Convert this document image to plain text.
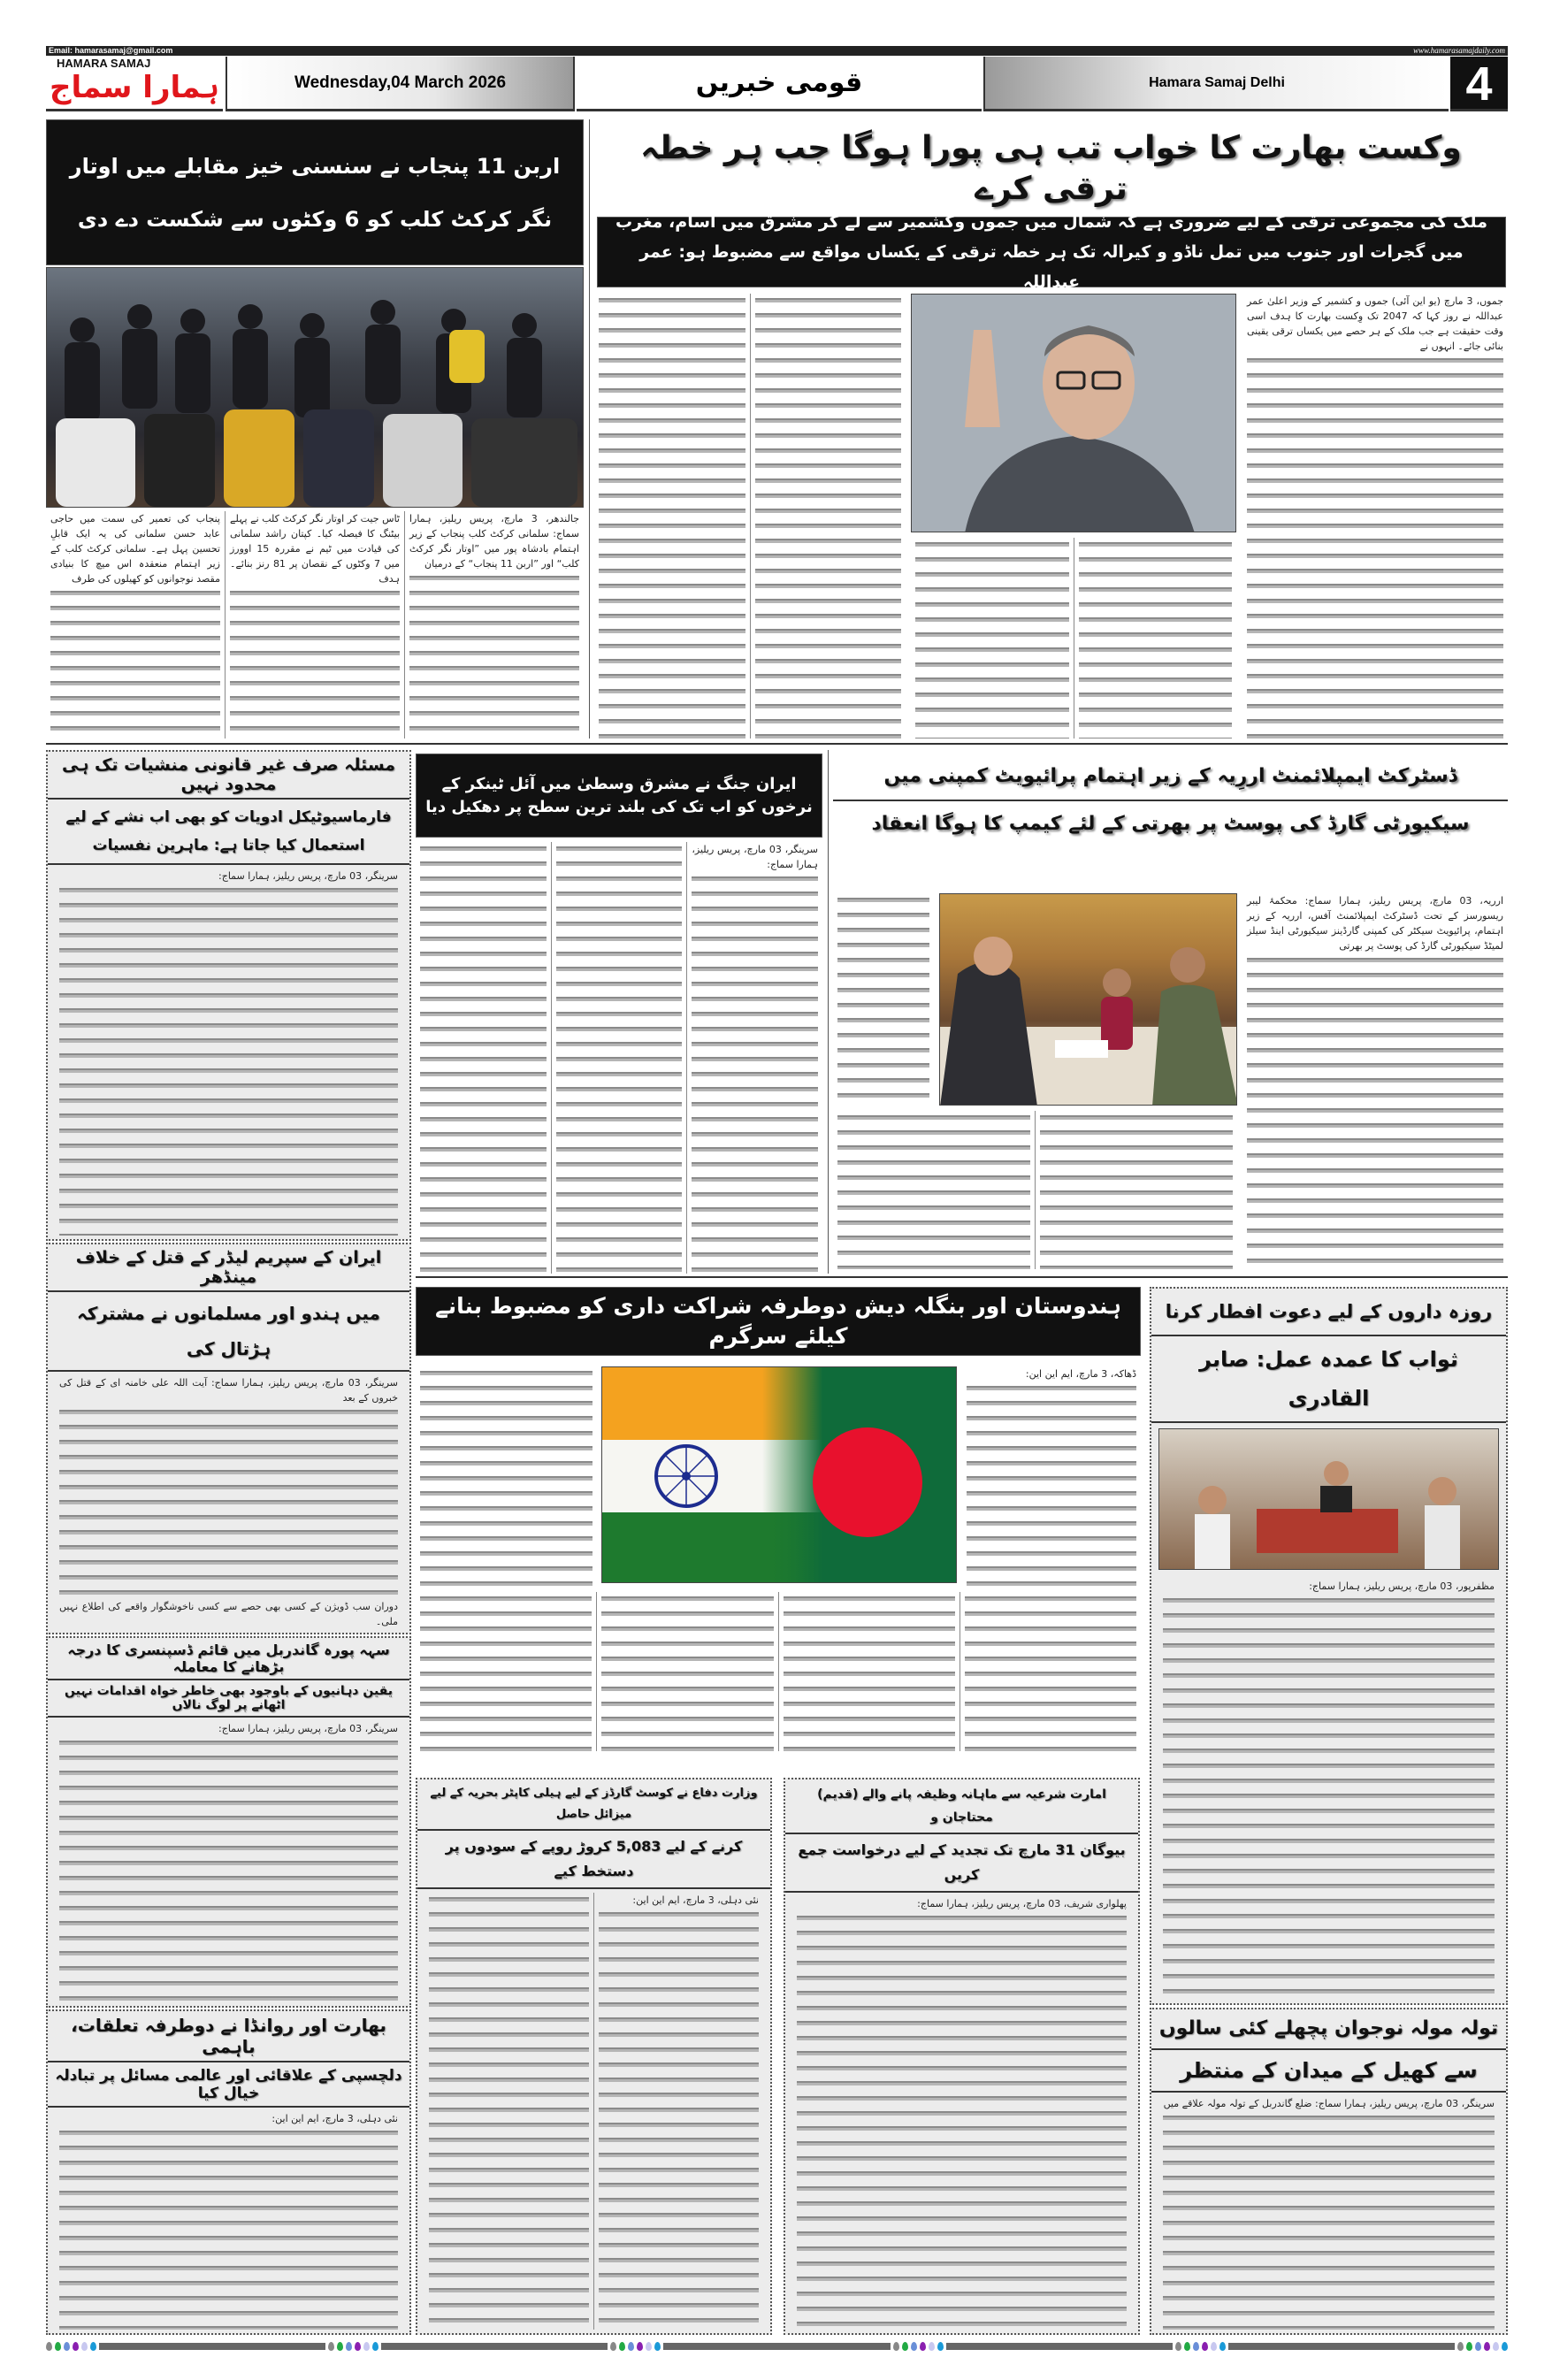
Email: hamarasamaj@gmail.com	www.hamarasamajdaily.com
HAMARA SAMAJ
ہمارا سماج	Wednesday,04 March 2026	قومی خبریں	Hamara Samaj Delhi	4
اربن 11 پنجاب نے سنسنی خیز مقابلے میں اوتار
نگر کرکٹ کلب کو 6 وکٹوں سے شکست دے دی

جالندھر، 3 مارچ، پریس ریلیز، ہمارا سماج: سلمانی کرکٹ کلب پنجاب کے زیر اہتمام بادشاہ پور میں ”اوتار نگر کرکٹ کلب“ اور ”اربن 11 پنجاب“ کے درمیان

ٹاس جیت کر اوتار نگر کرکٹ کلب نے پہلے بیٹنگ کا فیصلہ کیا۔ کپتان راشد سلمانی کی قیادت میں ٹیم نے مقررہ 15 اوورز میں 7 وکٹوں کے نقصان پر 81 رنز بنائے۔ ہدف

پنجاب کی تعمیر کی سمت میں حاجی عابد حسن سلمانی کی یہ ایک قابلِ تحسین پہل ہے۔ سلمانی کرکٹ کلب کے زیر اہتمام منعقدہ اس میچ کا بنیادی مقصد نوجوانوں کو کھیلوں کی طرف

وکست بھارت کا خواب تب ہی پورا ہوگا جب ہر خطہ ترقی کرے
ملک کی مجموعی ترقی کے لیے ضروری ہے کہ شمال میں جموں وکشمیر سے لے کر مشرق میں آسام، مغرب میں گجرات اور جنوب میں تمل ناڈو و کیرالہ تک ہر خطہ ترقی کے یکساں مواقع سے مضبوط ہو: عمر عبداللہ

جموں، 3 مارچ (یو این آئی) جموں و کشمیر کے وزیر اعلیٰ عمر عبداللہ نے روز کہا کہ 2047 تک وِکست بھارت کا ہدف اسی وقت حقیقت ہے جب ملک کے ہر حصے میں یکساں ترقی یقینی بنائی جائے۔ انہوں نے

مسئلہ صرف غیر قانونی منشیات تک ہی محدود نہیں
فارماسیوٹیکل ادویات کو بھی اب نشے کے لیے استعمال کیا جاتا ہے: ماہرین نفسیات

سرینگر، 03 مارچ، پریس ریلیز، ہمارا سماج:

ایران کے سپریم لیڈر کے قتل کے خلاف مینڈھر
میں ہندو اور مسلمانوں نے مشترکہ ہڑتال کی

سرینگر، 03 مارچ، پریس ریلیز، ہمارا سماج: آیت اللہ علی خامنہ ای کے قتل کی خبروں کے بعد

دوران سب ڈویژن کے کسی بھی حصے سے کسی ناخوشگوار واقعے کی اطلاع نہیں ملی۔

سہہ پورہ گاندربل میں قائم ڈسپنسری کا درجہ بڑھانے کا معاملہ
یقین دہانیوں کے باوجود بھی خاطر خواہ اقدامات نہیں اٹھانے پر لوگ نالاں

سرینگر، 03 مارچ، پریس ریلیز، ہمارا سماج:

بھارت اور روانڈا نے دوطرفہ تعلقات، باہمی
دلچسپی کے علاقائی اور عالمی مسائل پر تبادلہ خیال کیا

نئی دہلی، 3 مارچ، ایم این این:

ایران جنگ نے مشرق وسطیٰ میں آئل ٹینکر کے
نرخوں کو اب تک کی بلند ترین سطح پر دھکیل دیا

سرینگر، 03 مارچ، پریس ریلیز، ہمارا سماج:

ڈسٹرکٹ ایمپلائمنٹ اررِیہ کے زیر اہتمام پرائیویٹ کمپنی میں
سیکیورٹی گارڈ کی پوسٹ پر بھرتی کے لئے کیمپ کا ہوگا انعقاد

ارریہ، 03 مارچ، پریس ریلیز، ہمارا سماج: محکمۂ لیبر ریسورسز کے تحت ڈسٹرکٹ ایمپلائمنٹ آفس، ارریہ کے زیر اہتمام، پرائیویٹ سیکٹر کی کمپنی گارڈینز سیکیورٹی اینڈ سیلز لمیٹڈ سیکیورٹی گارڈ کی پوسٹ پر بھرتی

ہندوستان اور بنگلہ دیش دوطرفہ شراکت داری کو مضبوط بنانے کیلئے سرگرم

ڈھاکہ، 3 مارچ، ایم این این:

وزارت دفاع نے کوسٹ گارڈز کے لیے ہیلی کاپٹر بحریہ کے لیے میزائل حاصل
کرنے کے لیے 5,083 کروڑ روپے کے سودوں پر دستخط کیے

نئی دہلی، 3 مارچ، ایم این این:

امارت شرعیہ سے ماہانہ وظیفہ پانے والے (قدیم) محتاجان و
بیوگان 31 مارچ تک تجدید کے لیے درخواست جمع کریں

پھلواری شریف، 03 مارچ، پریس ریلیز، ہمارا سماج:

روزہ داروں کے لیے دعوت افطار کرنا
ثواب کا عمدہ عمل: صابر القادری

مظفرپور، 03 مارچ، پریس ریلیز، ہمارا سماج:

تولہ مولہ نوجوان پچھلے کئی سالوں
سے کھیل کے میدان کے منتظر

سرینگر، 03 مارچ، پریس ریلیز، ہمارا سماج: ضلع گاندربل کے تولہ مولہ علاقے میں
